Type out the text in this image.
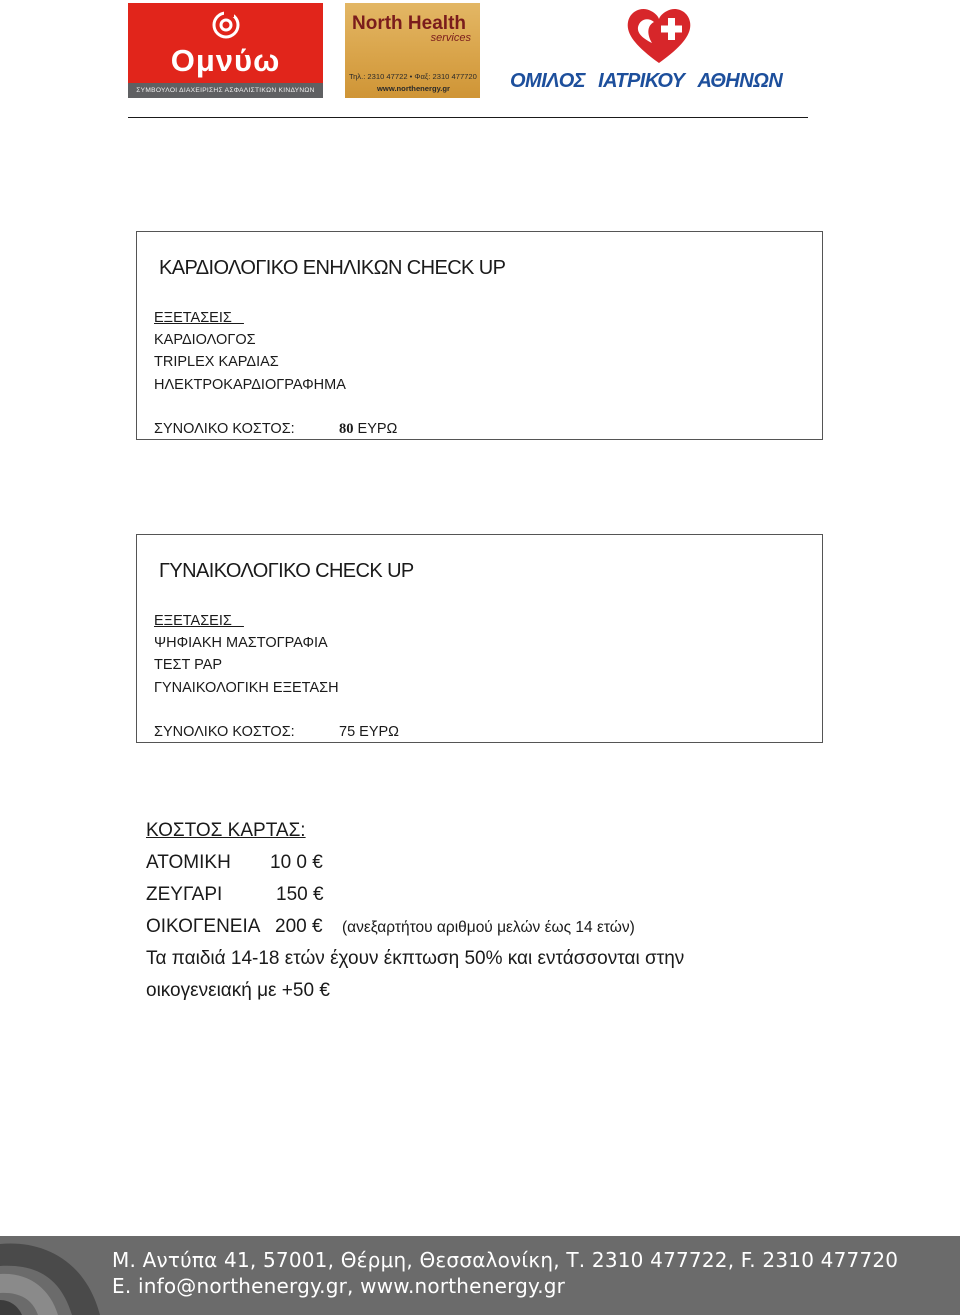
Ομνύω
ΣΥΜΒΟΥΛΟΙ ΔΙΑΧΕΙΡΙΣΗΣ ΑΣΦΑΛΙΣΤΙΚΩΝ ΚΙΝΔΥΝΩΝ
North Health
services
Τηλ.: 2310 47722 • Φαξ: 2310 477720
www.northenergy.gr	ΟΜΙΛΟΣ ΙΑΤΡΙΚΟΥ ΑΘΗΝΩΝ
ΚΑΡΔΙΟΛΟΓΙΚΟ ΕΝΗΛΙΚΩΝ CHECK UP
ΕΞΕΤΑΣΕΙΣ
ΚΑΡΔΙΟΛΟΓΟΣ
TRIPLEX ΚΑΡΔΙΑΣ
ΗΛΕΚΤΡΟΚΑΡΔΙΟΓΡΑΦΗΜΑ
ΣΥΝΟΛΙΚΟ ΚΟΣΤΟΣ:	80 ΕΥΡΩ
ΓΥΝΑΙΚΟΛΟΓΙΚΟ CHECK UP
ΕΞΕΤΑΣΕΙΣ
ΨΗΦΙΑΚΗ ΜΑΣΤΟΓΡΑΦΙΑ
ΤΕΣΤ PAP
ΓΥΝΑΙΚΟΛΟΓΙΚΗ ΕΞΕΤΑΣΗ
ΣΥΝΟΛΙΚΟ ΚΟΣΤΟΣ:	75 ΕΥΡΩ
ΚΟΣΤΟΣ ΚΑΡΤΑΣ:
ΑΤΟΜΙΚΗ 10 0 €
ΖΕΥΓΑΡΙ	150 €
ΟΙΚΟΓΕΝΕΙΑ 200 € (ανεξαρτήτου αριθμού μελών έως 14 ετών)
Τα παιδιά 14-18 ετών έχουν έκπτωση 50% και εντάσσονται στην
οικογενειακή με +50 €
Μ. Αντύπα 41, 57001, Θέρμη, Θεσσαλονίκη, Τ. 2310 477722, F. 2310 477720
E. info@northenergy.gr, www.northenergy.gr
